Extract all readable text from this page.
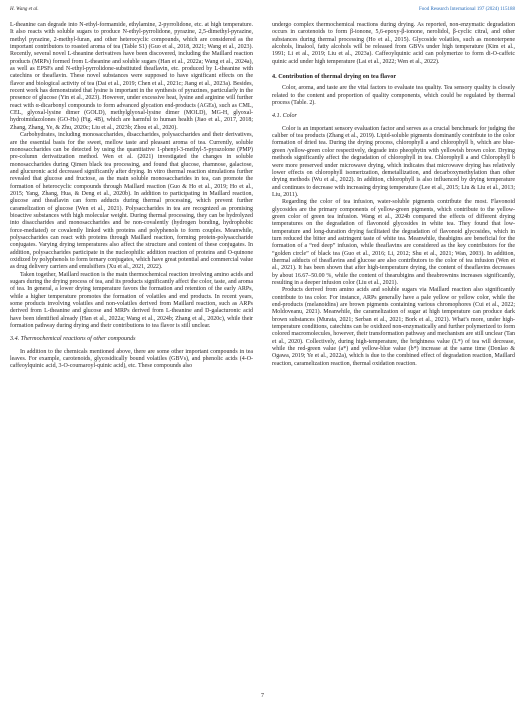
H. Wang et al.	Food Research International 197 (2024) 115188

L-theanine can degrade into N-ethyl-formamide, ethylamine, 2-pyrrolidone, etc. at high temperature. It also reacts with soluble sugars to produce N-ethyl-pyrrolidone, pyrazine, 2,5-dimethyl-pyrazine, methyl pyrazine, 2-methyl-furan, and other heterocyclic compounds, which are considered as the important contributors to roasted aroma of tea (Table S1) (Guo et al., 2018, 2021; Wang et al., 2023). Recently, several novel L-theanine derivatives have been discovered, including the Maillard reaction products (MRPs) formed from L-theanine and soluble sugars (Han et al., 2022a; Wang et al., 2024a), as well as EPSFs and N-ethyl-pyrrolidone-substituted theaflavin, etc. produced by L-theanine with catechins or theaflavin. These novel substances were supposed to have significant effects on the flavor and biological activity of tea (Dai et al., 2019; Chen et al., 2021c; Jiang et al., 2023a). Besides, recent work has demonstrated that lysine is important in the synthesis of pyrazines, particularly in the presence of glucose (Yin et al., 2023). However, under excessive heat, lysine and arginine will further react with α-dicarbonyl compounds to form advanced glycation end-products (AGEs), such as CML, CEL, glyoxal-lysine dimer (GOLD), methylglyoxal-lysine dimer (MOLD), MG-H, glyoxal-hydroimidazolones (GO-Hs) (Fig. 4B), which are harmful to human health (Jiao et al., 2017, 2018; Zhang, Zhang, Ye, & Zhu, 2020c; Liu et al., 2023b; Zhou et al., 2020).

Carbohydrates, including monosaccharides, disaccharides, polysaccharides and their derivatives, are the essential basis for the sweet, mellow taste and pleasant aroma of tea. Currently, soluble monosaccharides can be detected by using the quantitative 1-phenyl-3-methyl-5-pyrazolone (PMP) pre-column derivatization method. Wen et al. (2021) investigated the changes in soluble monosaccharides during Qimen black tea processing, and found that glucose, rhamnose, galactose, and glucuronic acid decreased significantly after drying. In vitro thermal reaction simulations further revealed that glucose and fructose, as the main soluble monosaccharides in tea, can promote the formation of heterocyclic compounds through Maillard reaction (Guo & Ho et al., 2019; Ho et al., 2015; Yang, Zhang, Hua, & Deng et al., 2020b). In addition to participating in Maillard reaction, glucose and theaflavin can form adducts during thermal processing, which prevent further caramelization of glucose (Wen et al., 2021). Polysaccharides in tea are recognized as promising bioactive substances with high molecular weight. During thermal processing, they can be hydrolyzed into disaccharides and monosaccharides and be non-covalently (hydrogen bonding, hydrophobic force-mediated) or covalently linked with proteins and polyphenols to form couples. Meanwhile, polysaccharides can react with proteins through Maillard reaction, forming protein-polysaccharide conjugates. Varying drying temperatures also affect the structure and content of these conjugates. In addition, polysaccharides participate in the nucleophilic addition reaction of proteins and O-quinone oxidized by polyphenols to form ternary conjugates, which have great potential and commercial value as drug delivery carriers and emulsifiers (Xu et al., 2021, 2022).

Taken together, Maillard reaction is the main thermochemical reaction involving amino acids and sugars during the drying process of tea, and its products significantly affect the color, taste, and aroma of tea. In general, a lower drying temperature favors the formation and retention of the early ARPs, while a higher temperature promotes the formation of volatiles and end products. In recent years, some products involving volatiles and non-volatiles derived from Maillard reaction, such as ARPs derived from L-theanine and glucose and MRPs derived from L-theanine and D-galacturonic acid have been identified already (Han et al., 2022a; Wang et al., 2024b; Zhang et al., 2020c), while their formation pathway during drying and their contributions to tea flavor is still unclear.

3.4. Thermochemical reactions of other compounds

In addition to the chemicals mentioned above, there are some other important compounds in tea leaves. For example, carotenoids, glycosidically bound volatiles (GBVs), and phenolic acids (4-O-caffeoylquinic acid, 3-O-coumaroyl-quinic acid), etc. These compounds also

undergo complex thermochemical reactions during drying. As reported, non-enzymatic degradation occurs in carotenoids to form β-ionone, 5,6-epoxy-β-ionone, nerolidol, β-cyclic citral, and other substances during thermal processing (Ho et al., 2015). Glycoside volatiles, such as monoterpene alcohols, linalool, fatty alcohols will be released from GBVs under high temperature (Kim et al., 1991; Li et al., 2019; Liu et al., 2023a). Caffeoylquinic acid can polymerize to form di-O-caffeic quinic acid under high temperature (Lai et al., 2022; Wen et al., 2022).

4. Contribution of thermal drying on tea flavor

Color, aroma, and taste are the vital factors to evaluate tea quality. Tea sensory quality is closely related to the content and proportion of quality components, which could be regulated by thermal process (Table. 2).

4.1. Color

Color is an important sensory evaluation factor and serves as a crucial benchmark for judging the caliber of tea products (Zhang et al., 2019). Lipid-soluble pigments dominantly contribute to the color formation of dried tea. During the drying process, chlorophyll a and chlorophyll b, which are blue-green /yellow-green color respectively, degrade into pheophytin with yellowish brown color. Drying methods significantly affect the degradation of chlorophyll in tea. Chlorophyll a and Chlorophyll b were more preserved under microwave drying, which indicates that microwave drying has relatively lower effects on chlorophyll isomerization, demetallization, and decarboxymethylation than other drying methods (Wu et al., 2022). In addition, chlorophyll is also influenced by drying temperature and continues to decrease with increasing drying temperature (Lee et al., 2015; Liu & Liu et al., 2013; Liu, 2011).

Regarding the color of tea infusion, water-soluble pigments contribute the most. Flavonoid glycosides are the primary components of yellow-green pigments, which contribute to the yellow-green color of green tea infusion. Wang et al., 2024b compared the effects of different drying temperatures on the degradation of flavonoid glycosides in white tea. They found that low-temperature and long-duration drying facilitated the degradation of flavonoid glycosides, which in turn reduced the bitter and astringent taste of white tea. Meanwhile, theabigins are beneficial for the formation of a “red deep” infusion, while theaflavins are considered as the key contributors for the “golden circle” of black tea (Guo et al., 2016; Li, 2012; Shu et al., 2021; Wan, 2003). In addition, thermal adducts of theaflavins and glucose are also contributors to the color of tea infusion (Wen et al., 2021). It has been shown that after high-temperature drying, the content of theaflavins decreases by about 16.67–50.00 %, while the content of thearubigins and theabrownins increases significantly, resulting in a deeper infusion color (Liu et al., 2021).

Products derived from amino acids and soluble sugars via Maillard reaction also significantly contribute to tea color. For instance, ARPs generally have a pale yellow or yellow color, while the end-products (melanoidins) are brown pigments containing various chromophores (Cui et al., 2022; Moldoveanu, 2021). Meanwhile, the caramelization of sugar at high temperature can produce dark brown substances (Murata, 2021; Serban et al., 2021; Bork et al., 2021). What’s more, under high-temperature conditions, catechins can be oxidized non-enzymatically and further polymerized to form colored macromolecules, however, their transformation pathway and mechanism are still unclear (Tan et al., 2020). Collectively, during high-temperature, the brightness value (L*) of tea will decrease, while the red-green value (a*) and yellow-blue value (b*) increase at the same time (Donlao & Ogawa, 2019; Ye et al., 2022a), which is due to the combined effect of degradation reaction, Maillard reaction, caramelization reaction, thermal oxidation reaction.

7
